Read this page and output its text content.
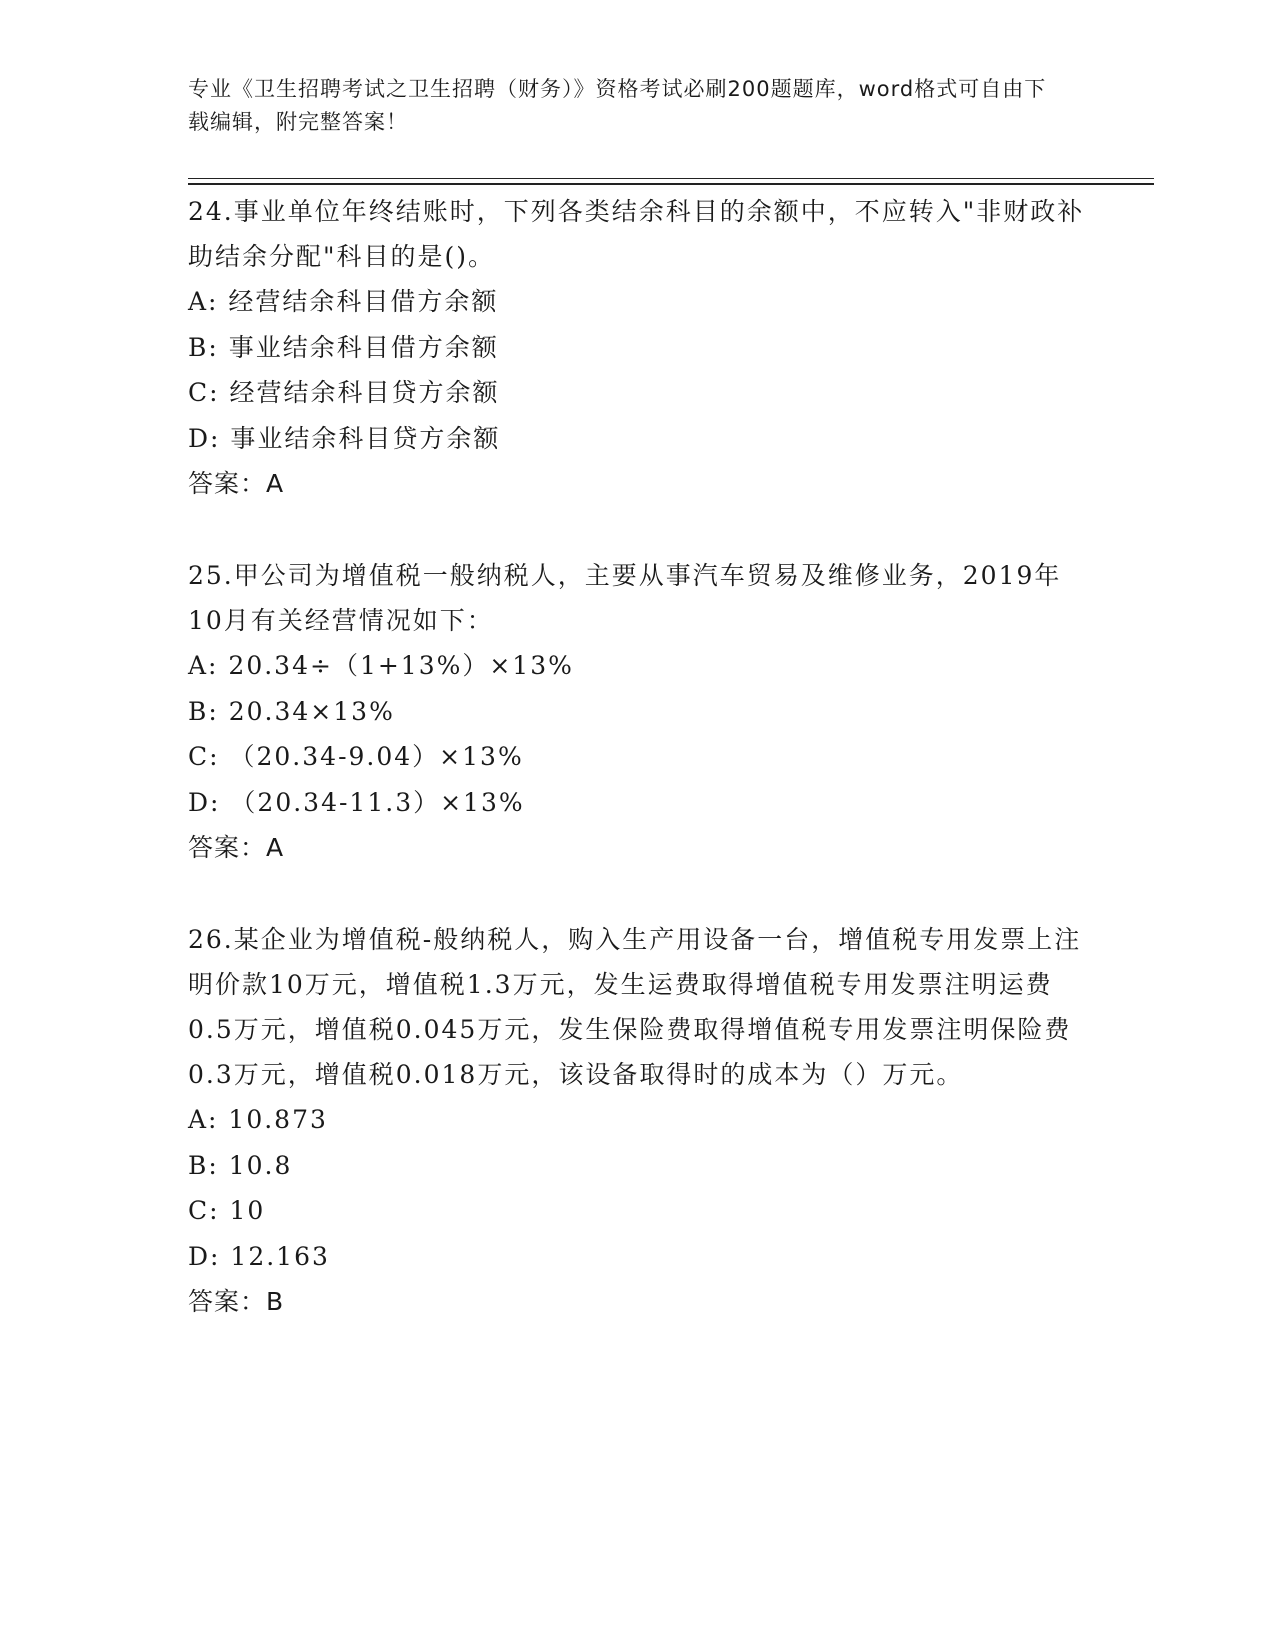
专业《卫生招聘考试之卫生招聘（财务）》资格考试必刷200题题库，word格式可自由下载编辑，附完整答案！

24.事业单位年终结账时，下列各类结余科目的余额中，不应转入"非财政补助结余分配"科目的是()。

A: 经营结余科目借方余额

B: 事业结余科目借方余额

C: 经营结余科目贷方余额

D: 事业结余科目贷方余额

答案：A

25.甲公司为增值税一般纳税人，主要从事汽车贸易及维修业务，2019年10月有关经营情况如下：

A: 20.34÷（1+13%）×13%

B: 20.34×13%

C: （20.34-9.04）×13%

D: （20.34-11.3）×13%

答案：A

26.某企业为增值税-般纳税人，购入生产用设备一台，增值税专用发票上注明价款10万元，增值税1.3万元，发生运费取得增值税专用发票注明运费0.5万元，增值税0.045万元，发生保险费取得增值税专用发票注明保险费0.3万元，增值税0.018万元，该设备取得时的成本为（）万元。

A: 10.873

B: 10.8

C: 10

D: 12.163

答案：B
